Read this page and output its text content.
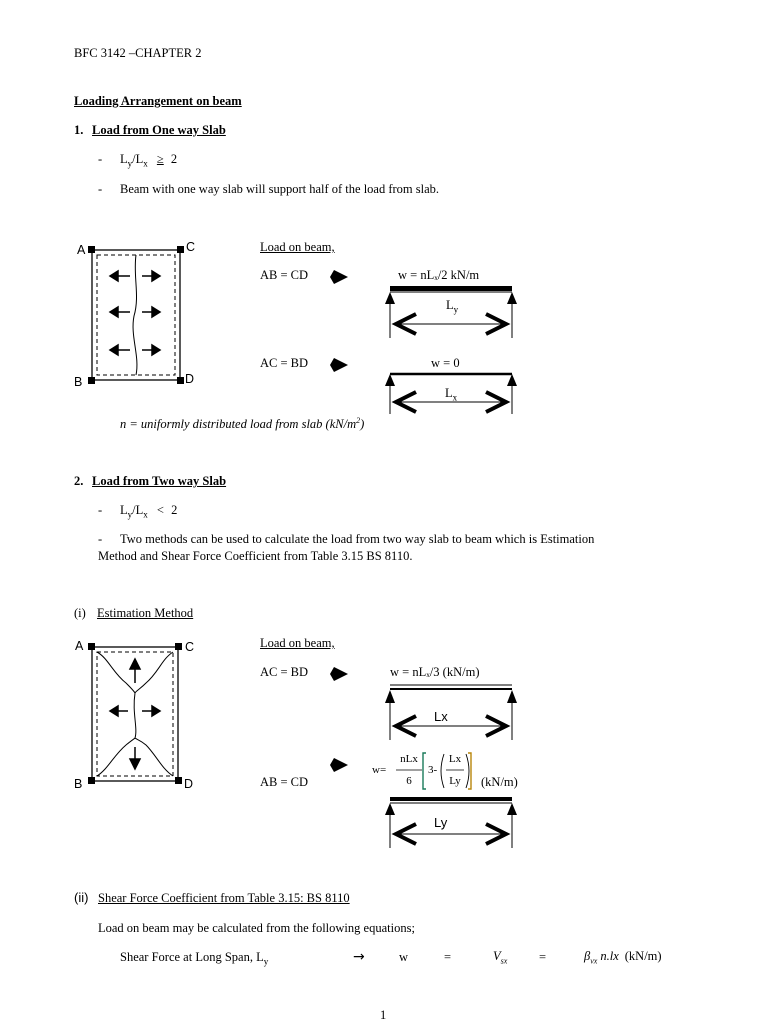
BFC 3142 –CHAPTER 2
Loading Arrangement on beam
1. Load from One way Slab
- $L_y/L_x \ge 2$
- Beam with one way slab will support half of the load from slab.
A	C
B	D
Load on beam,
AB = CD
AC = BD
w = nLₓ/2 kN/m
$L_y$
w = 0
$L_x$
n = uniformly distributed load from slab $(kN/m^2)$
2. Load from Two way Slab
- $L_y/L_x < 2$
- Two methods can be used to calculate the load from two way slab to beam which is Estimation
Method and Shear Force Coefficient from Table 3.15 BS 8110.
(i) Estimation Method
A	C
B	D
Load on beam,
AC = BD
AB = CD
w = nLₓ/3 (kN/m)
Lx
w=
nLx
6
3-
Lx
Ly (kN/m)
Ly
(ii) Shear Force Coefficient from Table 3.15: BS 8110
Load on beam may be calculated from the following equations;
Shear Force at Long Span, $L_y$	→	w	=	$V_{sx}$	=	$\beta_{vx}$ n.lx (kN/m)
1
